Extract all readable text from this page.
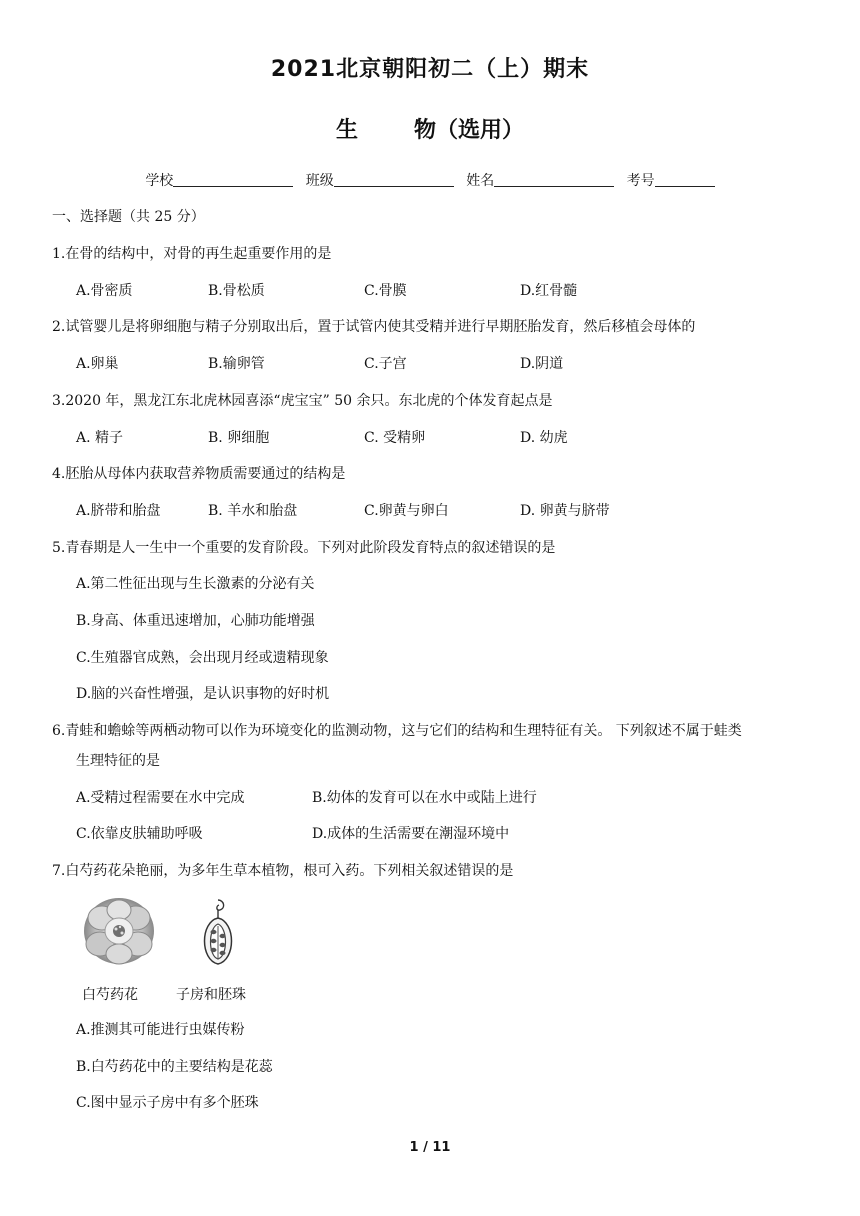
2021北京朝阳初二（上）期末
生	物（选用）
学校	班级	姓名	考号
一、选择题（共 25 分）
1.在骨的结构中，对骨的再生起重要作用的是
A.骨密质	B.骨松质	C.骨膜	D.红骨髓
2.试管婴儿是将卵细胞与精子分别取出后，置于试管内使其受精并进行早期胚胎发育，然后移植会母体的
A.卵巢	B.输卵管	C.子宫	D.阴道
3.2020 年，黑龙江东北虎林园喜添“虎宝宝” 50 余只。东北虎的个体发育起点是
A. 精子	B. 卵细胞	C. 受精卵	D. 幼虎
4.胚胎从母体内获取营养物质需要通过的结构是
A.脐带和胎盘	B. 羊水和胎盘	C.卵黄与卵白	D. 卵黄与脐带
5.青春期是人一生中一个重要的发育阶段。下列对此阶段发育特点的叙述错误的是
A.第二性征出现与生长激素的分泌有关
B.身高、体重迅速增加，心肺功能增强
C.生殖器官成熟，会出现月经或遗精现象
D.脑的兴奋性增强，是认识事物的好时机
6.青蛙和蟾蜍等两栖动物可以作为环境变化的监测动物，这与它们的结构和生理特征有关。 下列叙述不属于蛙类
生理特征的是
A.受精过程需要在水中完成	B.幼体的发育可以在水中或陆上进行
C.依靠皮肤辅助呼吸	D.成体的生活需要在潮湿环境中
7.白芍药花朵艳丽，为多年生草本植物，根可入药。下列相关叙述错误的是
白芍药花	子房和胚珠
A.推测其可能进行虫媒传粉
B.白芍药花中的主要结构是花蕊
C.图中显示子房中有多个胚珠
1 / 11
